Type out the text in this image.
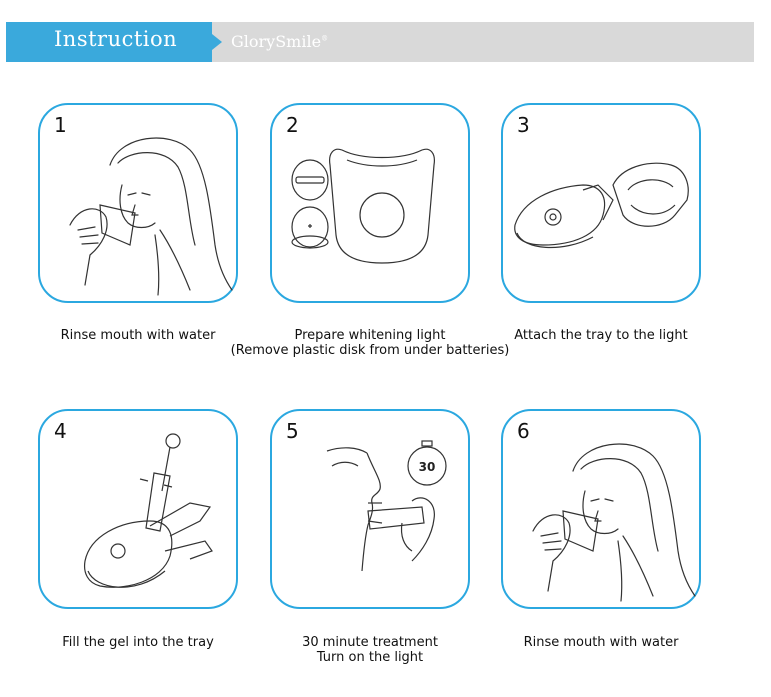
Instruction	GlorySmile®
1
Rinse mouth with water
2
Prepare whitening light
(Remove plastic disk from under batteries)
3
Attach the tray to the light
4
Fill the gel into the tray
5
30
30 minute treatment
Turn on the light
6
Rinse mouth with water
